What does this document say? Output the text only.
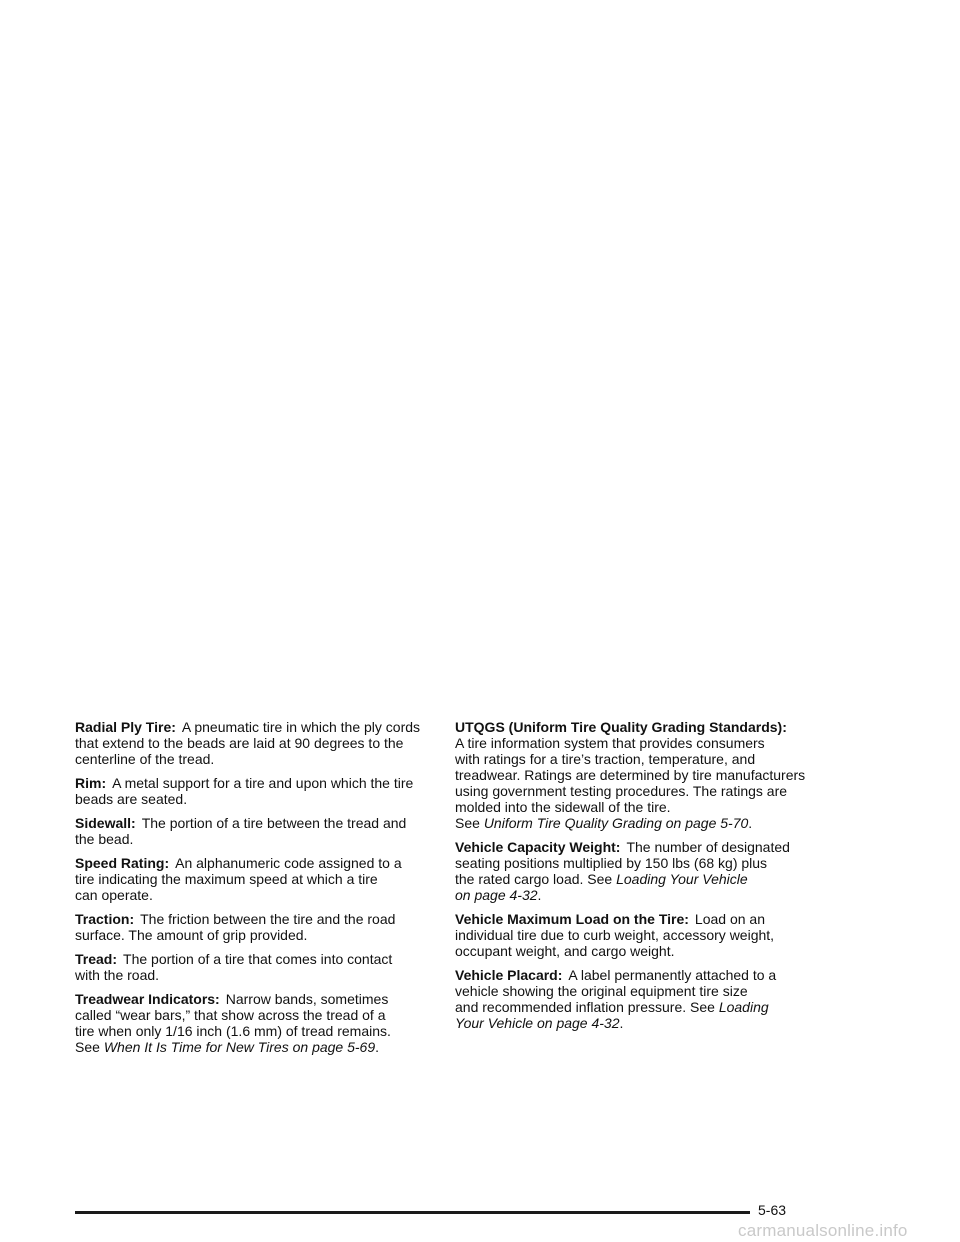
Radial Ply Tire: A pneumatic tire in which the ply cords
that extend to the beads are laid at 90 degrees to the
centerline of the tread.

Rim: A metal support for a tire and upon which the tire
beads are seated.

Sidewall: The portion of a tire between the tread and
the bead.

Speed Rating: An alphanumeric code assigned to a
tire indicating the maximum speed at which a tire
can operate.

Traction: The friction between the tire and the road
surface. The amount of grip provided.

Tread: The portion of a tire that comes into contact
with the road.

Treadwear Indicators: Narrow bands, sometimes
called “wear bars,” that show across the tread of a
tire when only 1/16 inch (1.6 mm) of tread remains.
See When It Is Time for New Tires on page 5-69.

UTQGS (Uniform Tire Quality Grading Standards):
A tire information system that provides consumers
with ratings for a tire’s traction, temperature, and
treadwear. Ratings are determined by tire manufacturers
using government testing procedures. The ratings are
molded into the sidewall of the tire.
See Uniform Tire Quality Grading on page 5-70.

Vehicle Capacity Weight: The number of designated
seating positions multiplied by 150 lbs (68 kg) plus
the rated cargo load. See Loading Your Vehicle
on page 4-32.

Vehicle Maximum Load on the Tire: Load on an
individual tire due to curb weight, accessory weight,
occupant weight, and cargo weight.

Vehicle Placard: A label permanently attached to a
vehicle showing the original equipment tire size
and recommended inflation pressure. See Loading
Your Vehicle on page 4-32.

5-63
carmanualsonline.info
